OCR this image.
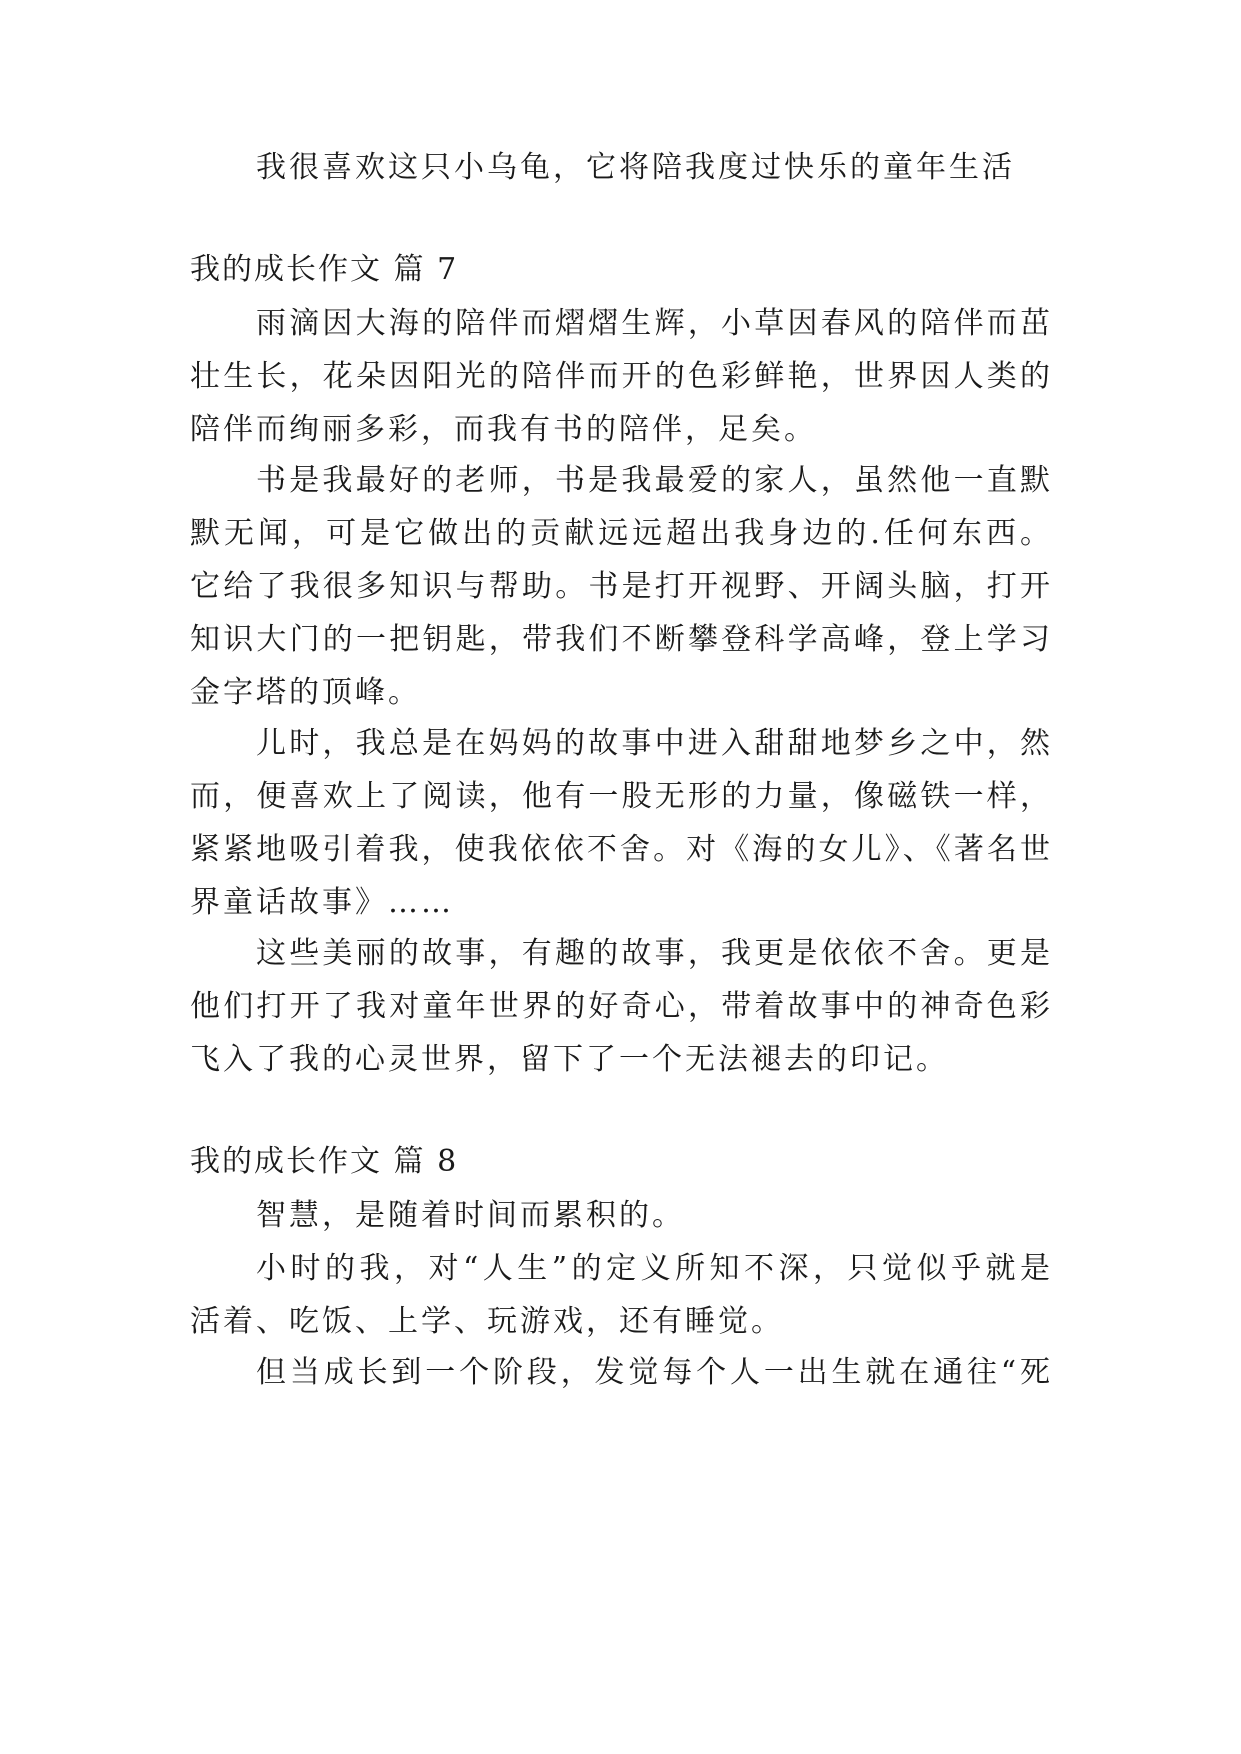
我很喜欢这只小乌龟，它将陪我度过快乐的童年生活
我的成长作文 篇 7
雨滴因大海的陪伴而熠熠生辉，小草因春风的陪伴而茁
壮生长，花朵因阳光的陪伴而开的色彩鲜艳，世界因人类的
陪伴而绚丽多彩，而我有书的陪伴，足矣。
书是我最好的老师，书是我最爱的家人，虽然他一直默
默无闻，可是它做出的贡献远远超出我身边的.任何东西。
它给了我很多知识与帮助。书是打开视野、开阔头脑，打开
知识大门的一把钥匙，带我们不断攀登科学高峰，登上学习
金字塔的顶峰。
儿时，我总是在妈妈的故事中进入甜甜地梦乡之中，然
而，便喜欢上了阅读，他有一股无形的力量，像磁铁一样，
紧紧地吸引着我，使我依依不舍。对《海的女儿》、《著名世
界童话故事》……
这些美丽的故事，有趣的故事，我更是依依不舍。更是
他们打开了我对童年世界的好奇心，带着故事中的神奇色彩
飞入了我的心灵世界，留下了一个无法褪去的印记。
我的成长作文 篇 8
智慧，是随着时间而累积的。
小时的我，对“人生”的定义所知不深，只觉似乎就是
活着、吃饭、上学、玩游戏，还有睡觉。
但当成长到一个阶段，发觉每个人一出生就在通往“死
